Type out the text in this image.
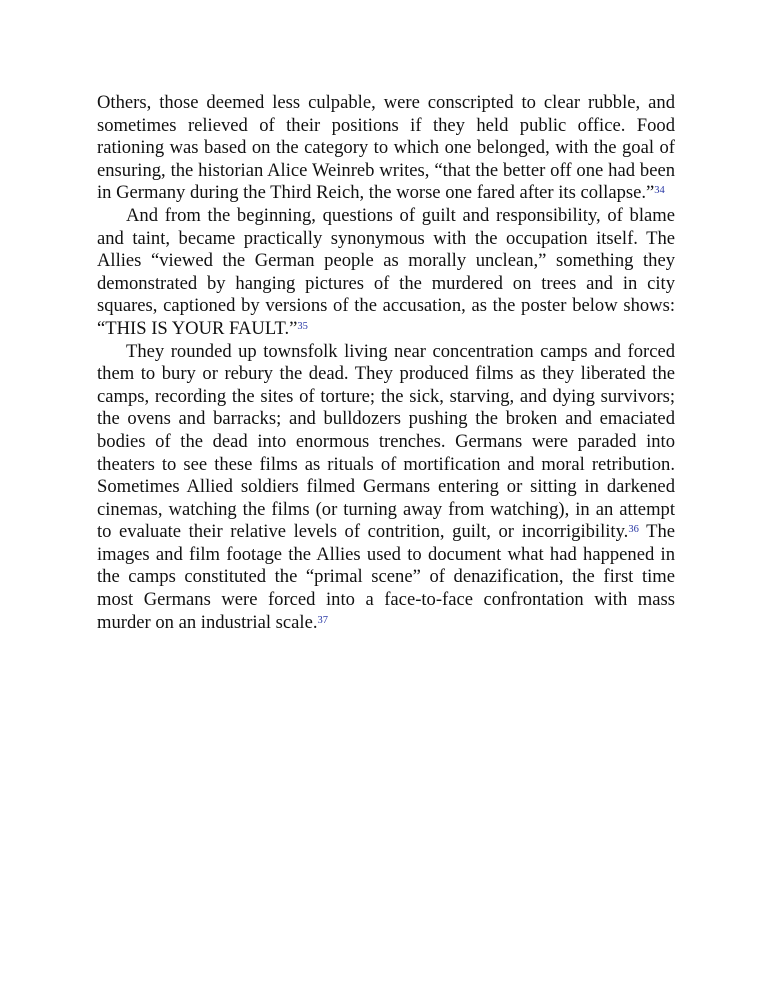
Others, those deemed less culpable, were conscripted to clear rubble, and sometimes relieved of their positions if they held public office. Food rationing was based on the category to which one belonged, with the goal of ensuring, the historian Alice Weinreb writes, “that the better off one had been in Germany during the Third Reich, the worse one fared after its collapse.”$^{34}$

And from the beginning, questions of guilt and responsibility, of blame and taint, became practically synonymous with the occupation itself. The Allies “viewed the German people as morally unclean,” something they demonstrated by hanging pictures of the murdered on trees and in city squares, captioned by versions of the accusation, as the poster below shows: “THIS IS YOUR FAULT.”$^{35}$

They rounded up townsfolk living near concentration camps and forced them to bury or rebury the dead. They produced films as they liberated the camps, recording the sites of torture; the sick, starving, and dying survivors; the ovens and barracks; and bulldozers pushing the broken and emaciated bodies of the dead into enormous trenches. Germans were paraded into theaters to see these films as rituals of mortification and moral retribution. Sometimes Allied soldiers filmed Germans entering or sitting in darkened cinemas, watching the films (or turning away from watching), in an attempt to evaluate their relative levels of contrition, guilt, or incorrigibility.$^{36}$ The images and film footage the Allies used to document what had happened in the camps constituted the “primal scene” of denazification, the first time most Germans were forced into a face-to-face confrontation with mass murder on an industrial scale.$^{37}$
